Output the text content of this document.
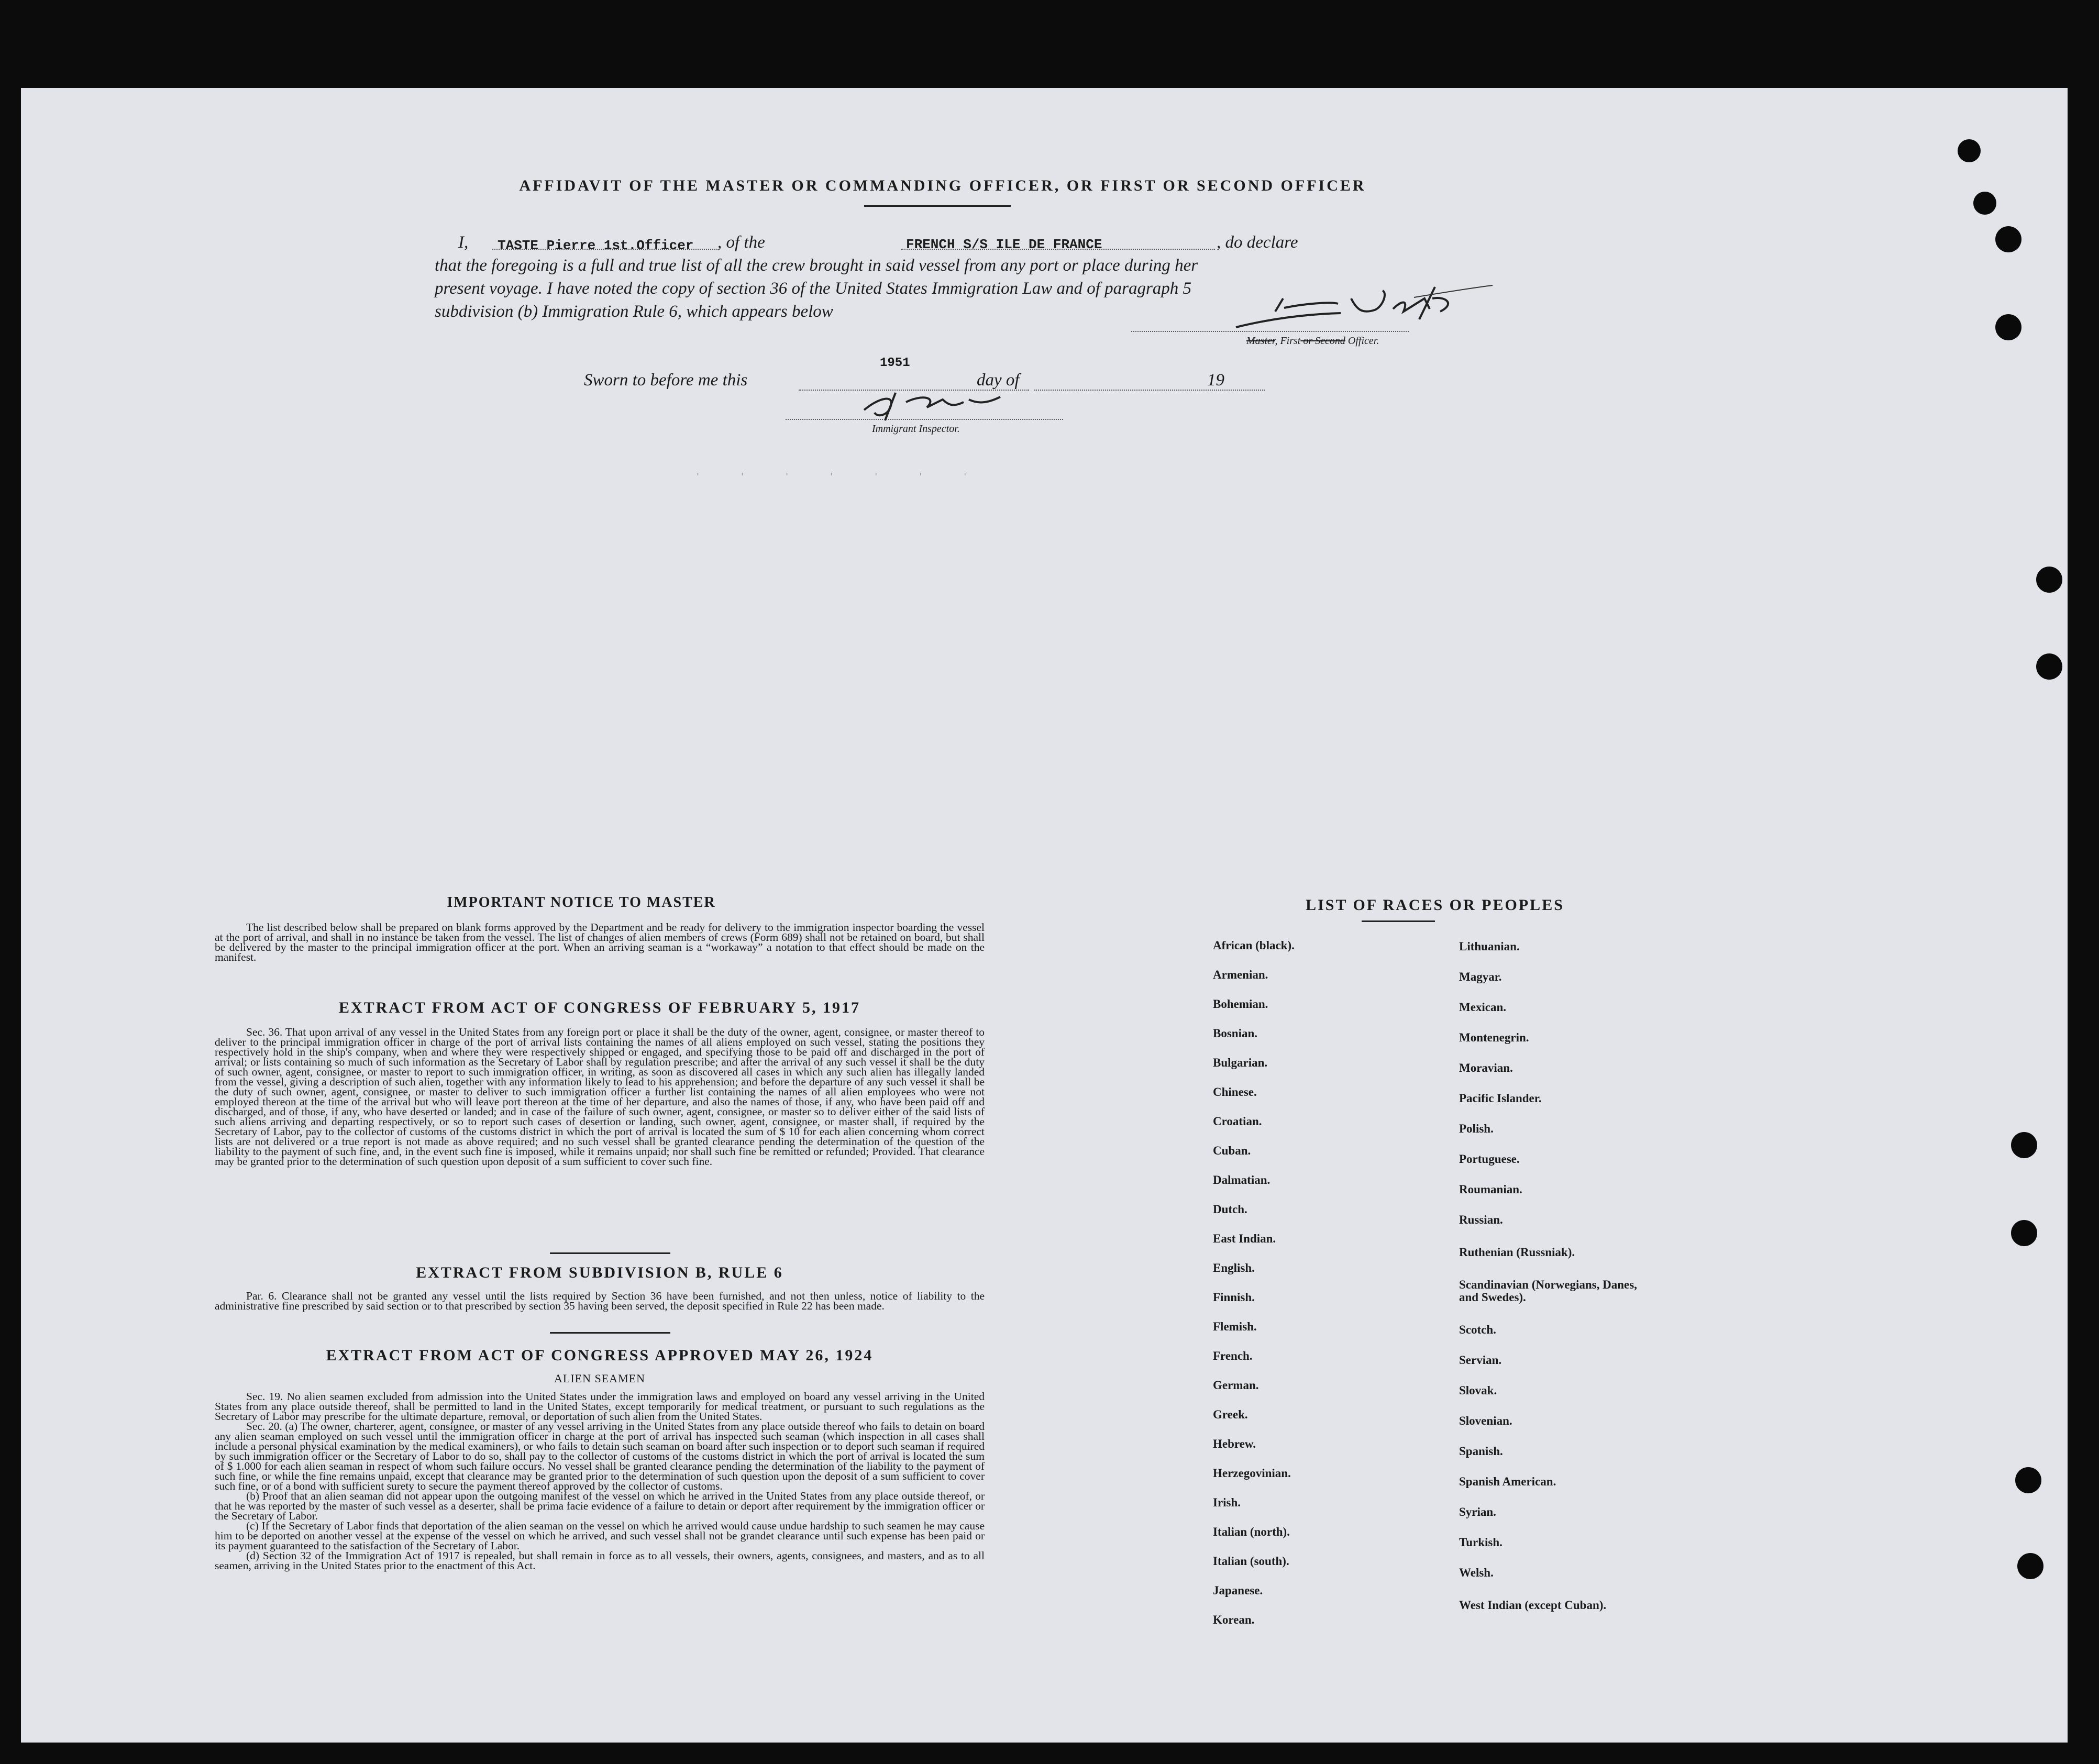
AFFIDAVIT OF THE MASTER OR COMMANDING OFFICER, OR FIRST OR SECOND OFFICER
I, TASTE Pierre 1st.Officer , of the	FRENCH S/S ILE DE FRANCE	, do declare
that the foregoing is a full and true list of all the crew brought in said vessel from any port or place during her
present voyage. I have noted the copy of section 36 of the United States Immigration Law and of paragraph 5
subdivision (b) Immigration Rule 6, which appears below
Master, First or Second Officer.
Sworn to before me this
1951
day of	19
Immigrant Inspector.
'              '              '              '              '              '              '
IMPORTANT NOTICE TO MASTER

The list described below shall be prepared on blank forms approved by the Department and be ready for delivery to the immigration inspector boarding the vessel at the port of arrival, and shall in no instance be taken from the vessel. The list of changes of alien members of crews (Form 689) shall not be retained on board, but shall be delivered by the master to the principal immigration officer at the port. When an arriving seaman is a “workaway” a notation to that effect should be made on the manifest.

EXTRACT FROM ACT OF CONGRESS OF FEBRUARY 5, 1917

Sec. 36. That upon arrival of any vessel in the United States from any foreign port or place it shall be the duty of the owner, agent, consignee, or master thereof to deliver to the principal immigration officer in charge of the port of arrival lists containing the names of all aliens employed on such vessel, stating the positions they respectively hold in the ship's company, when and where they were respectively shipped or engaged, and specifying those to be paid off and discharged in the port of arrival; or lists containing so much of such information as the Secretary of Labor shall by regulation prescribe; and after the arrival of any such vessel it shall be the duty of such owner, agent, consignee, or master to report to such immigration officer, in writing, as soon as discovered all cases in which any such alien has illegally landed from the vessel, giving a description of such alien, together with any information likely to lead to his apprehension; and before the departure of any such vessel it shall be the duty of such owner, agent, consignee, or master to deliver to such immigration officer a further list containing the names of all alien employees who were not employed thereon at the time of the arrival but who will leave port thereon at the time of her departure, and also the names of those, if any, who have been paid off and discharged, and of those, if any, who have deserted or landed; and in case of the failure of such owner, agent, consignee, or master so to deliver either of the said lists of such aliens arriving and departing respectively, or so to report such cases of desertion or landing, such owner, agent, consignee, or master shall, if required by the Secretary of Labor, pay to the collector of customs of the customs district in which the port of arrival is located the sum of $ 10 for each alien concerning whom correct lists are not delivered or a true report is not made as above required; and no such vessel shall be granted clearance pending the determination of the question of the liability to the payment of such fine, and, in the event such fine is imposed, while it remains unpaid; nor shall such fine be remitted or refunded; Provided. That clearance may be granted prior to the determination of such question upon deposit of a sum sufficient to cover such fine.

EXTRACT FROM SUBDIVISION B, RULE 6

Par. 6. Clearance shall not be granted any vessel until the lists required by Section 36 have been furnished, and not then unless, notice of liability to the administrative fine prescribed by said section or to that prescribed by section 35 having been served, the deposit specified in Rule 22 has been made.

EXTRACT FROM ACT OF CONGRESS APPROVED MAY 26, 1924
ALIEN SEAMEN

Sec. 19. No alien seamen excluded from admission into the United States under the immigration laws and employed on board any vessel arriving in the United States from any place outside thereof, shall be permitted to land in the United States, except temporarily for medical treatment, or pursuant to such regulations as the Secretary of Labor may prescribe for the ultimate departure, removal, or deportation of such alien from the United States.

Sec. 20. (a) The owner, charterer, agent, consignee, or master of any vessel arriving in the United States from any place outside thereof who fails to detain on board any alien seaman employed on such vessel until the immigration officer in charge at the port of arrival has inspected such seaman (which inspection in all cases shall include a personal physical examination by the medical examiners), or who fails to detain such seaman on board after such inspection or to deport such seaman if required by such immigration officer or the Secretary of Labor to do so, shall pay to the collector of customs of the customs district in which the port of arrival is located the sum of $ 1.000 for each alien seaman in respect of whom such failure occurs. No vessel shall be granted clearance pending the determination of the liability to the payment of such fine, or while the fine remains unpaid, except that clearance may be granted prior to the determination of such question upon the deposit of a sum sufficient to cover such fine, or of a bond with sufficient surety to secure the payment thereof approved by the collector of customs.

(b) Proof that an alien seaman did not appear upon the outgoing manifest of the vessel on which he arrived in the United States from any place outside thereof, or that he was reported by the master of such vessel as a deserter, shall be prima facie evidence of a failure to detain or deport after requirement by the immigration officer or the Secretary of Labor.

(c) If the Secretary of Labor finds that deportation of the alien seaman on the vessel on which he arrived would cause undue hardship to such seamen he may cause him to be deported on another vessel at the expense of the vessel on which he arrived, and such vessel shall not be grandet clearance until such expense has been paid or its payment guaranteed to the satisfaction of the Secretary of Labor.

(d) Section 32 of the Immigration Act of 1917 is repealed, but shall remain in force as to all vessels, their owners, agents, consignees, and masters, and as to all seamen, arriving in the United States prior to the enactment of this Act.

LIST OF RACES OR PEOPLES
African (black).
Armenian.
Bohemian.
Bosnian.
Bulgarian.
Chinese.
Croatian.
Cuban.
Dalmatian.
Dutch.
East Indian.
English.
Finnish.
Flemish.
French.
German.
Greek.
Hebrew.
Herzegovinian.
Irish.
Italian (north).
Italian (south).
Japanese.
Korean.
Lithuanian.
Magyar.
Mexican.
Montenegrin.
Moravian.
Pacific Islander.
Polish.
Portuguese.
Roumanian.
Russian.
Ruthenian (Russniak).
Scandinavian (Norwegians, Danes, and Swedes).
Scotch.
Servian.
Slovak.
Slovenian.
Spanish.
Spanish American.
Syrian.
Turkish.
Welsh.
West Indian (except Cuban).
